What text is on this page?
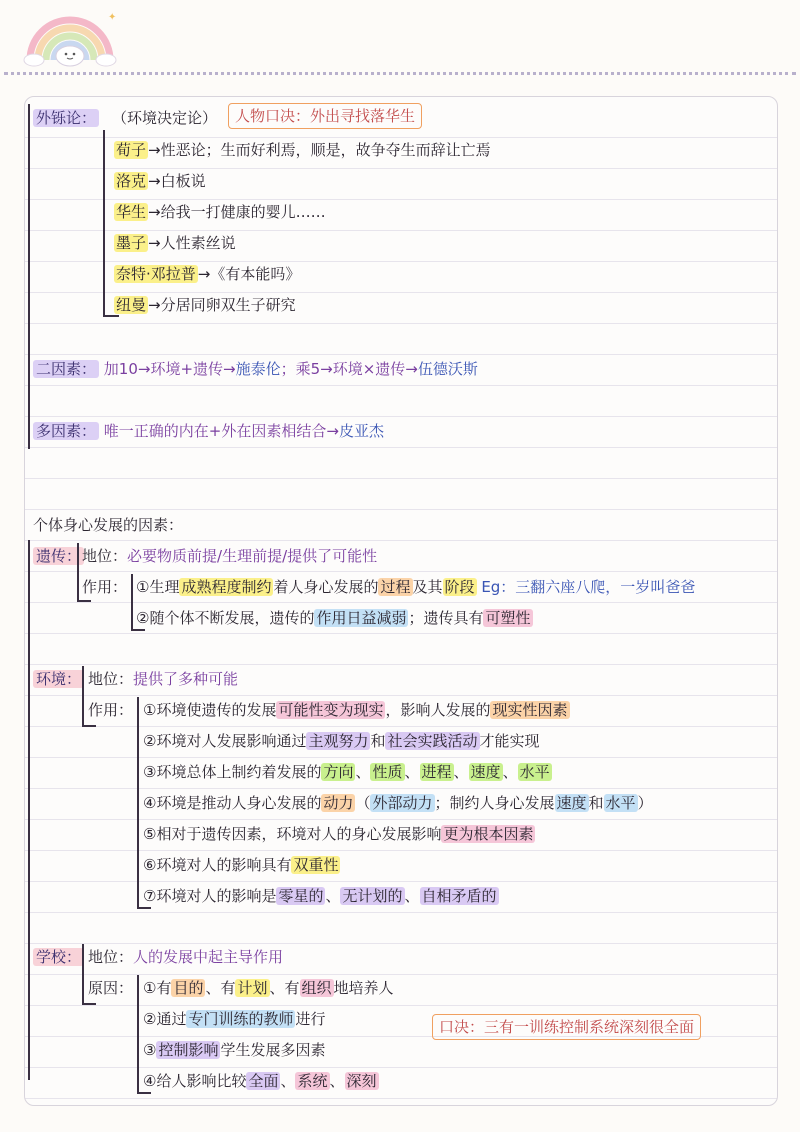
✦
外铄论： （环境决定论）	人物口决：外出寻找落华生
荀子 →性恶论；生而好利焉，顺是，故争夺生而辞让亡焉
洛克 →白板说
华生 →给我一打健康的婴儿……
墨子 →人性素丝说
奈特·邓拉普 →《有本能吗》
纽曼 →分居同卵双生子研究
二因素： 加10→环境+遗传→施泰伦；乘5→环境×遗传→伍德沃斯
多因素： 唯一正确的内在+外在因素相结合→皮亚杰
个体身心发展的因素：
遗传： 地位：必要物质前提/生理前提/提供了可能性
作用： ①生理 成熟程度制约 着人身心发展的 过程 及其 阶段 Eg：三翻六座八爬，一岁叫爸爸
②随个体不断发展，遗传的 作用日益减弱 ；遗传具有 可塑性
环境： 地位：提供了多种可能
作用： ①环境使遗传的发展 可能性变为现实 ，影响人发展的 现实性因素
②环境对人发展影响通过 主观努力 和 社会实践活动 才能实现
③环境总体上制约着发展的 方向 、 性质 、 进程 、 速度 、 水平
④环境是推动人身心发展的 动力 （ 外部动力 ；制约人身心发展 速度 和 水平 ）
⑤相对于遗传因素，环境对人的身心发展影响 更为根本因素
⑥环境对人的影响具有 双重性
⑦环境对人的影响是 零星的 、 无计划的 、 自相矛盾的
学校： 地位：人的发展中起主导作用
原因： ①有 目的 、有 计划 、有 组织 地培养人
②通过 专门训练的教师 进行
③ 控制影响 学生发展多因素
④给人影响比较 全面 、 系统 、 深刻
口决：三有一训练控制系统深刻很全面
